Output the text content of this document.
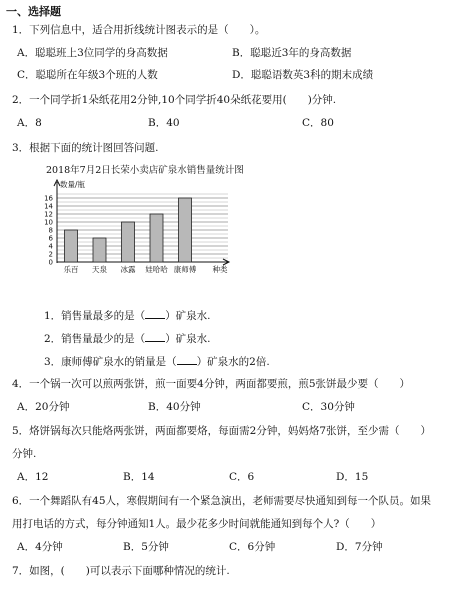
一、选择题
1．下列信息中，适合用折线统计图表示的是（　　）。
A．聪聪班上3位同学的身高数据	B．聪聪近3年的身高数据
C．聪聪所在年级3个班的人数	D．聪聪语数英3科的期末成绩
2．一个同学折1朵纸花用2分钟,10个同学折40朵纸花要用(　　)分钟.
A．8	B．40	C．80
3．根据下面的统计图回答问题.
2018年7月2日长荣小卖店矿泉水销售量统计图
0
2
4
6
8
10
12
14
16
数量/瓶
乐百 天泉 冰露 娃哈哈 康师傅 种类
1．销售量最多的是（ ）矿泉水.
2．销售量最少的是（ ）矿泉水.
3．康师傅矿泉水的销量是（ ）矿泉水的2倍.
4．一个锅一次可以煎两张饼，煎一面要4分钟，两面都要煎，煎5张饼最少要（　　）
A．20分钟	B．40分钟	C．30分钟
5．烙饼锅每次只能烙两张饼，两面都要烙，每面需2分钟，妈妈烙7张饼，至少需（　　）
分钟.
A．12	B．14	C．6	D．15
6．一个舞蹈队有45人，寒假期间有一个紧急演出，老师需要尽快通知到每一个队员。如果
用打电话的方式，每分钟通知1人。最少花多少时间就能通知到每个人?（　　）
A．4分钟	B．5分钟	C．6分钟	D．7分钟
7．如图，(　　)可以表示下面哪种情况的统计.
